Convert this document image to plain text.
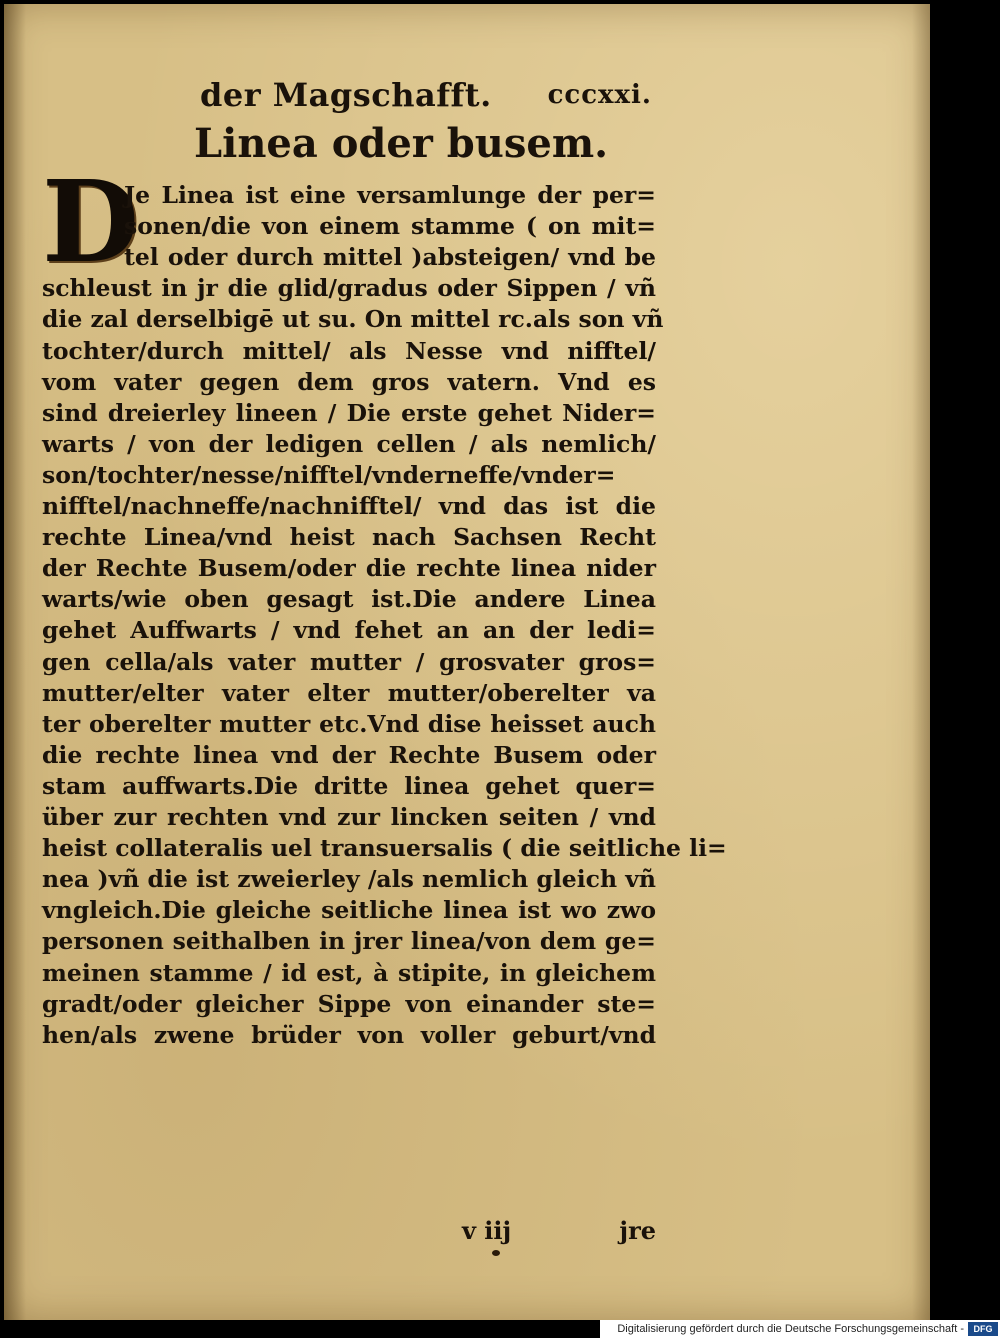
der Magschafft. cccxxi.
Linea oder busem.
D
Je Linea ist eine versamlunge der per=
sonen/die von einem stamme ( on mit=
tel oder durch mittel )absteigen/ vnd be
schleust in jr die glid/gradus oder Sippen / vñ
die zal derselbigē ut su. On mittel rc.als son vñ
tochter/durch mittel/ als Nesse vnd nifftel/
vom vater gegen dem gros vatern. Vnd es
sind dreierley lineen / Die erste gehet Nider=
warts / von der ledigen cellen / als nemlich/
son/tochter/nesse/nifftel/vnderneffe/vnder=
nifftel/nachneffe/nachnifftel/ vnd das ist die
rechte Linea/vnd heist nach Sachsen Recht
der Rechte Busem/oder die rechte linea nider
warts/wie oben gesagt ist.Die andere Linea
gehet Auffwarts / vnd fehet an an der ledi=
gen cella/als vater mutter / grosvater gros=
mutter/elter vater elter mutter/oberelter va
ter oberelter mutter etc.Vnd dise heisset auch
die rechte linea vnd der Rechte Busem oder
stam auffwarts.Die dritte linea gehet quer=
über zur rechten vnd zur lincken seiten / vnd
heist collateralis uel transuersalis ( die seitliche li=
nea )vñ die ist zweierley /als nemlich gleich vñ
vngleich.Die gleiche seitliche linea ist wo zwo
personen seithalben in jrer linea/von dem ge=
meinen stamme / id est, à stipite, in gleichem
gradt/oder gleicher Sippe von einander ste=
hen/als zwene brüder von voller geburt/vnd
v iij	jre
Digitalisierung gefördert durch die Deutsche Forschungsgemeinschaft -	DFG
